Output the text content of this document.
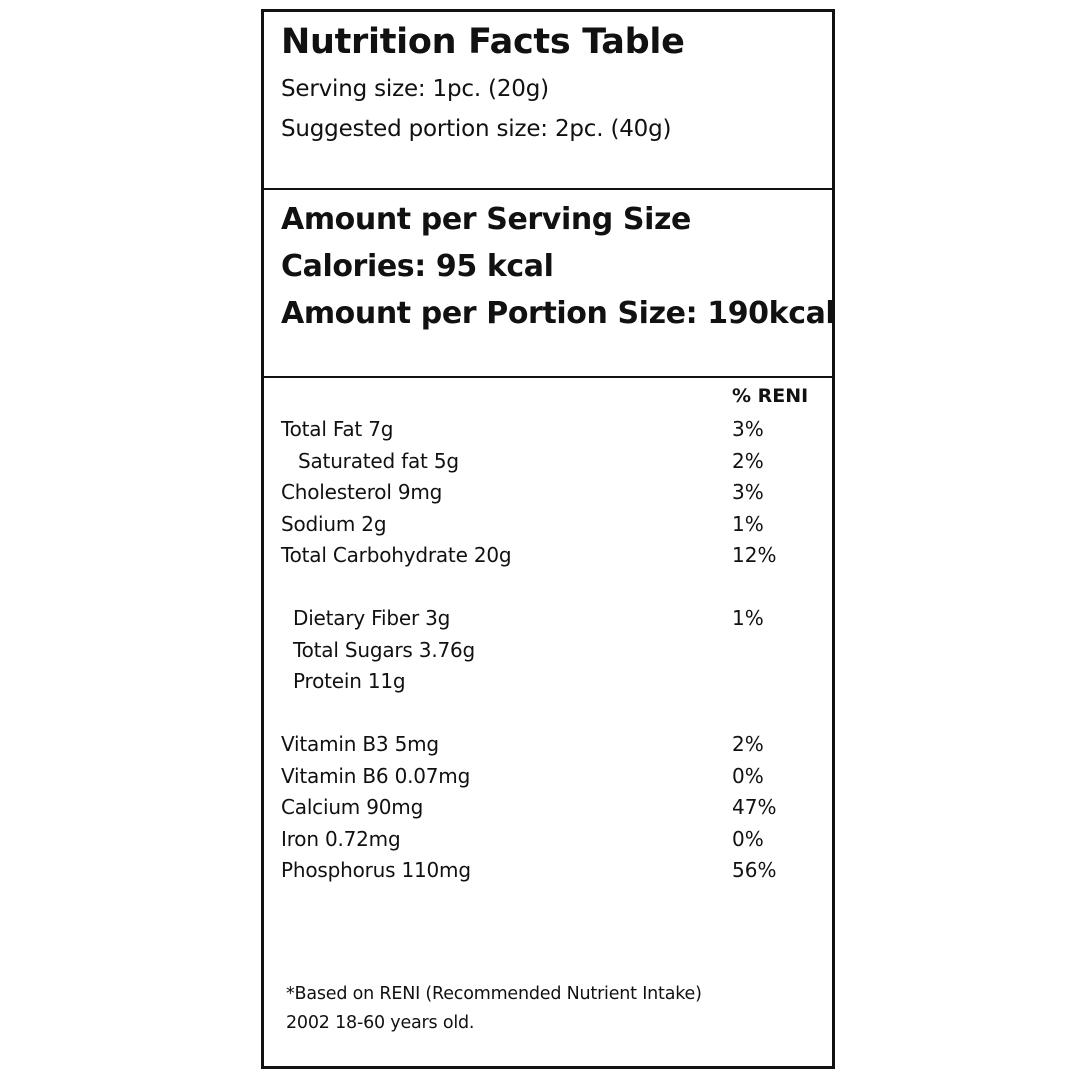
Nutrition Facts Table
Serving size: 1pc. (20g)
Suggested portion size: 2pc. (40g)
Amount per Serving Size
Calories: 95 kcal
Amount per Portion Size: 190kcal
% RENI
Total Fat 7g	3%
Saturated fat 5g	2%
Cholesterol 9mg	3%
Sodium 2g	1%
Total Carbohydrate 20g	12%
Dietary Fiber 3g	1%
Total Sugars 3.76g
Protein 11g
Vitamin B3 5mg	2%
Vitamin B6 0.07mg	0%
Calcium 90mg	47%
Iron 0.72mg	0%
Phosphorus 110mg	56%
*Based on RENI (Recommended Nutrient Intake) 2002 18-60 years old.
